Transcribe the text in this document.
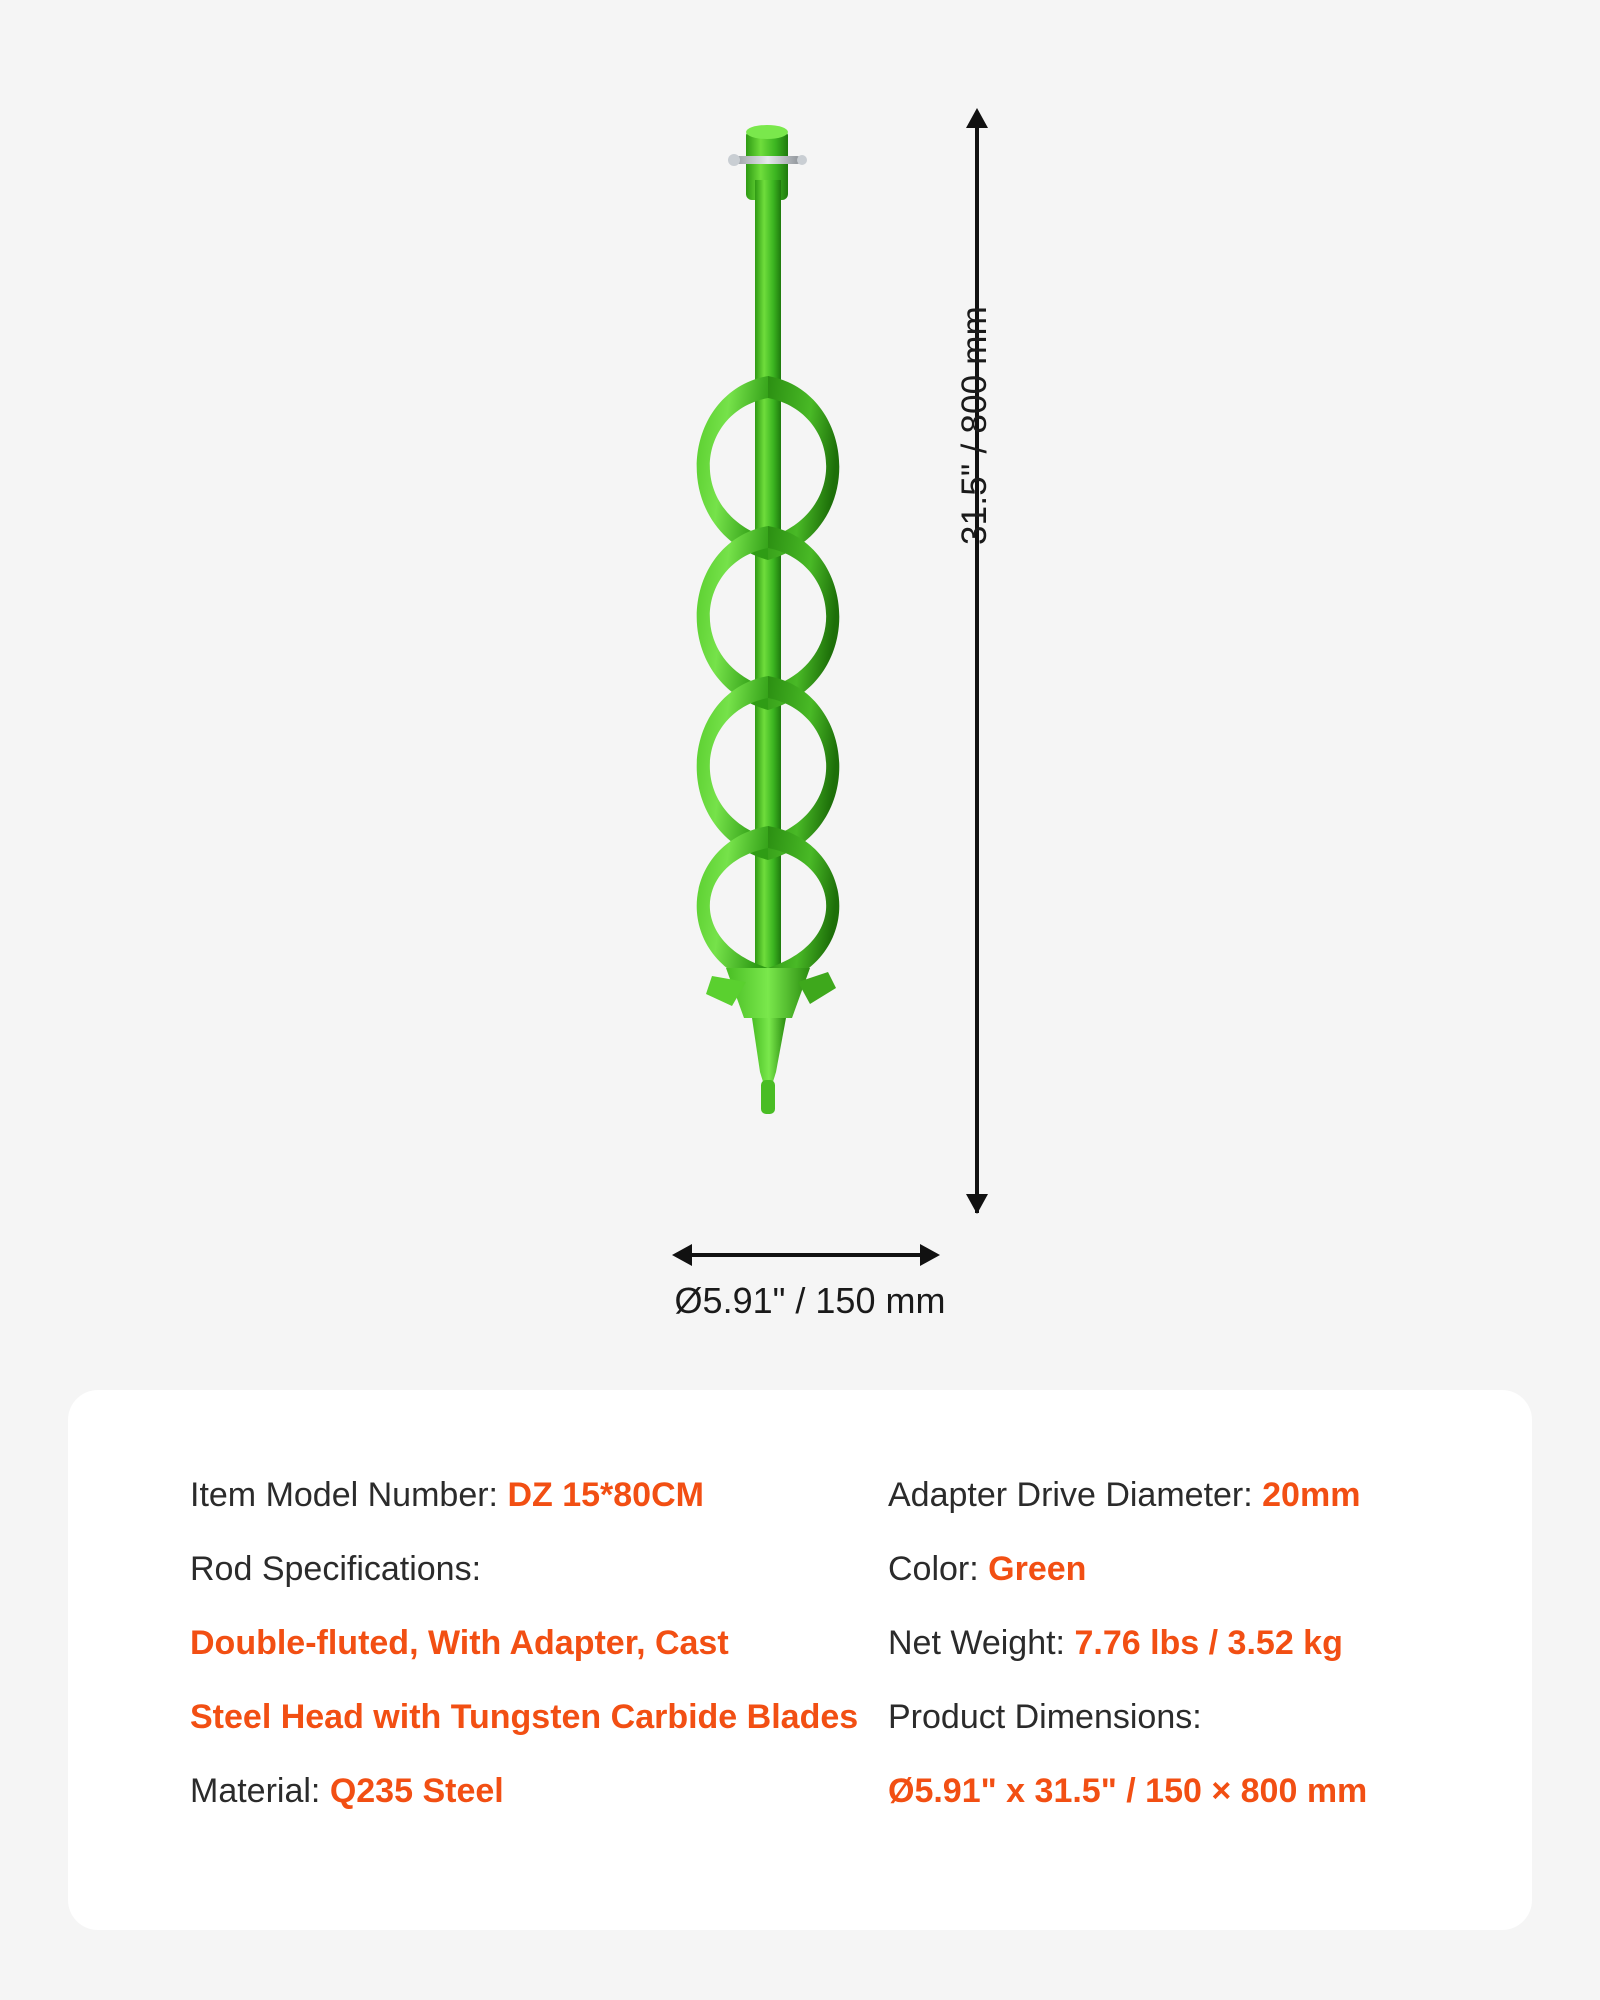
31.5" / 800 mm
Ø5.91" / 150 mm
Item Model Number: DZ 15*80CM
Rod Specifications:
Double-fluted, With Adapter, Cast
Steel Head with Tungsten Carbide Blades
Material: Q235 Steel
Adapter Drive Diameter: 20mm
Color: Green
Net Weight: 7.76 lbs / 3.52 kg
Product Dimensions:
Ø5.91" x 31.5" / 150 × 800 mm
